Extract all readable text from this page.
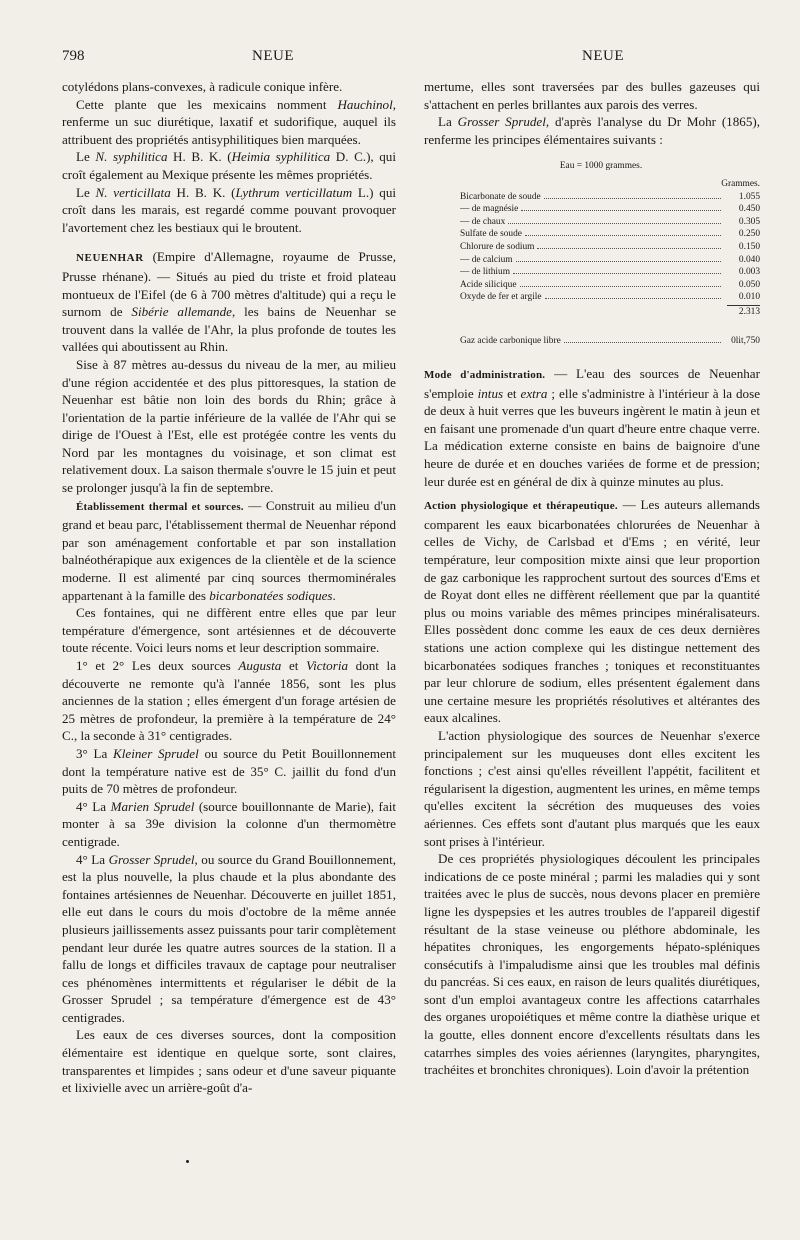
798	NEUE	NEUE

cotylédons plans-convexes, à radicule conique infère.

Cette plante que les mexicains nomment Hauchinol, renferme un suc diurétique, laxatif et sudorifique, auquel ils attribuent des propriétés antisyphilitiques bien marquées.

Le N. syphilitica H. B. K. (Heimia syphilitica D. C.), qui croît également au Mexique présente les mêmes propriétés.

Le N. verticillata H. B. K. (Lythrum verticillatum L.) qui croît dans les marais, est regardé comme pouvant provoquer l'avortement chez les bestiaux qui le broutent.

NEUENHAR (Empire d'Allemagne, royaume de Prusse, Prusse rhénane). — Situés au pied du triste et froid plateau montueux de l'Eifel (de 6 à 700 mètres d'altitude) qui a reçu le surnom de Sibérie allemande, les bains de Neuenhar se trouvent dans la vallée de l'Ahr, la plus profonde de toutes les vallées qui aboutissent au Rhin.

Sise à 87 mètres au-dessus du niveau de la mer, au milieu d'une région accidentée et des plus pittoresques, la station de Neuenhar est bâtie non loin des bords du Rhin; grâce à l'orientation de la partie inférieure de la vallée de l'Ahr qui se dirige de l'Ouest à l'Est, elle est protégée contre les vents du Nord par les montagnes du voisinage, et son climat est relativement doux. La saison thermale s'ouvre le 15 juin et peut se prolonger jusqu'à la fin de septembre.

Établissement thermal et sources. — Construit au milieu d'un grand et beau parc, l'établissement thermal de Neuenhar répond par son aménagement confortable et par son installation balnéothérapique aux exigences de la clientèle et de la science moderne. Il est alimenté par cinq sources thermominérales appartenant à la famille des bicarbonatées sodiques.

Ces fontaines, qui ne diffèrent entre elles que par leur température d'émergence, sont artésiennes et de découverte toute récente. Voici leurs noms et leur description sommaire.

1° et 2° Les deux sources Augusta et Victoria dont la découverte ne remonte qu'à l'année 1856, sont les plus anciennes de la station ; elles émergent d'un forage artésien de 25 mètres de profondeur, la première à la température de 24° C., la seconde à 31° centigrades.

3° La Kleiner Sprudel ou source du Petit Bouillonnement dont la température native est de 35° C. jaillit du fond d'un puits de 70 mètres de profondeur.

4° La Marien Sprudel (source bouillonnante de Marie), fait monter à sa 39e division la colonne d'un thermomètre centigrade.

4° La Grosser Sprudel, ou source du Grand Bouillonnement, est la plus nouvelle, la plus chaude et la plus abondante des fontaines artésiennes de Neuenhar. Découverte en juillet 1851, elle eut dans le cours du mois d'octobre de la même année plusieurs jaillissements assez puissants pour tarir complètement pendant leur durée les quatre autres sources de la station. Il a fallu de longs et difficiles travaux de captage pour neutraliser ces phénomènes intermittents et régulariser le débit de la Grosser Sprudel ; sa température d'émergence est de 43° centigrades.

Les eaux de ces diverses sources, dont la composition élémentaire est identique en quelque sorte, sont claires, transparentes et limpides ; sans odeur et d'une saveur piquante et lixivielle avec un arrière-goût d'a-

mertume, elles sont traversées par des bulles gazeuses qui s'attachent en perles brillantes aux parois des verres.

La Grosser Sprudel, d'après l'analyse du Dr Mohr (1865), renferme les principes élémentaires suivants :

Eau = 1000 grammes.
Grammes.
Bicarbonate de soude	1.055
— de magnésie	0.450
— de chaux	0.305
Sulfate de soude	0.250
Chlorure de sodium	0.150
— de calcium	0.040
— de lithium	0.003
Acide silicique	0.050
Oxyde de fer et argile	0.010
2.313
Gaz acide carbonique libre	0lit,750

Mode d'administration. — L'eau des sources de Neuenhar s'emploie intus et extra ; elle s'administre à l'intérieur à la dose de deux à huit verres que les buveurs ingèrent le matin à jeun et en faisant une promenade d'un quart d'heure entre chaque verre. La médication externe consiste en bains de baignoire d'une heure de durée et en douches variées de forme et de pression; leur durée est en général de dix à quinze minutes au plus.

Action physiologique et thérapeutique. — Les auteurs allemands comparent les eaux bicarbonatées chlorurées de Neuenhar à celles de Vichy, de Carlsbad et d'Ems ; en vérité, leur température, leur composition mixte ainsi que leur proportion de gaz carbonique les rapprochent surtout des sources d'Ems et de Royat dont elles ne diffèrent réellement que par la quantité plus ou moins variable des mêmes principes minéralisateurs. Elles possèdent donc comme les eaux de ces deux dernières stations une action complexe qui les distingue nettement des bicarbonatées sodiques franches ; toniques et reconstituantes par leur chlorure de sodium, elles présentent également dans une certaine mesure les propriétés résolutives et altérantes des eaux alcalines.

L'action physiologique des sources de Neuenhar s'exerce principalement sur les muqueuses dont elles excitent les fonctions ; c'est ainsi qu'elles réveillent l'appétit, facilitent et régularisent la digestion, augmentent les urines, en même temps qu'elles excitent la sécrétion des muqueuses des voies aériennes. Ces effets sont d'autant plus marqués que les eaux sont prises à l'intérieur.

De ces propriétés physiologiques découlent les principales indications de ce poste minéral ; parmi les maladies qui y sont traitées avec le plus de succès, nous devons placer en première ligne les dyspepsies et les autres troubles de l'appareil digestif résultant de la stase veineuse ou pléthore abdominale, les hépatites chroniques, les engorgements hépato-spléniques consécutifs à l'impaludisme ainsi que les troubles mal définis du pancréas. Si ces eaux, en raison de leurs qualités diurétiques, sont d'un emploi avantageux contre les affections catarrhales des organes uropoiétiques et même contre la diathèse urique et la goutte, elles donnent encore d'excellents résultats dans les catarrhes simples des voies aériennes (laryngites, pharyngites, trachéites et bronchites chroniques). Loin d'avoir la prétention
